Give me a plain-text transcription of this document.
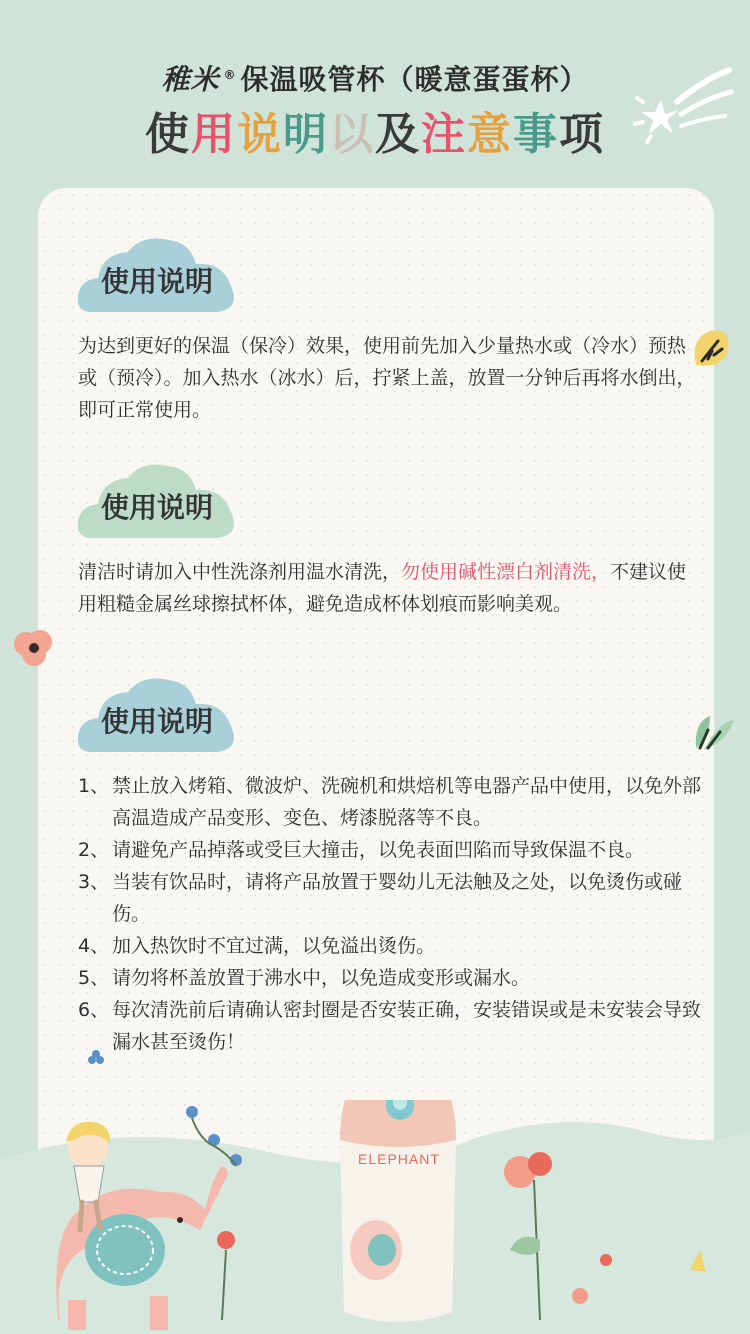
稚米 ® 保温吸管杯（暖意蛋蛋杯）
使用说明以及注意事项
使用说明
为达到更好的保温（保冷）效果，使用前先加入少量热水或（冷水）预热或（预冷）。加入热水（冰水）后，拧紧上盖，放置一分钟后再将水倒出，即可正常使用。
使用说明
清洁时请加入中性洗涤剂用温水清洗，勿使用碱性漂白剂清洗，不建议使用粗糙金属丝球擦拭杯体，避免造成杯体划痕而影响美观。
使用说明
1、 禁止放入烤箱、微波炉、洗碗机和烘焙机等电器产品中使用，以免外部高温造成产品变形、变色、烤漆脱落等不良。
2、 请避免产品掉落或受巨大撞击，以免表面凹陷而导致保温不良。
3、 当装有饮品时，请将产品放置于婴幼儿无法触及之处，以免烫伤或碰伤。
4、 加入热饮时不宜过满，以免溢出烫伤。
5、 请勿将杯盖放置于沸水中，以免造成变形或漏水。
6、 每次清洗前后请确认密封圈是否安装正确，安装错误或是未安装会导致漏水甚至烫伤！
ELEPHANT
